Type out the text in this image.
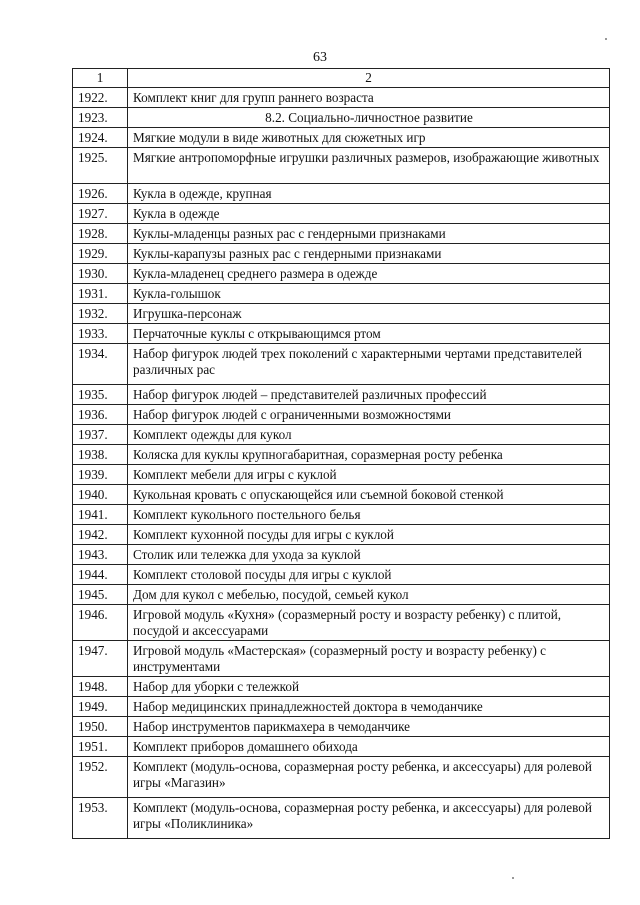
63
1	2
1922.	Комплект книг для групп раннего возраста
1923.	8.2. Социально-личностное развитие
1924.	Мягкие модули в виде животных для сюжетных игр
1925.	Мягкие антропоморфные игрушки различных размеров, изображающие животных
1926.	Кукла в одежде, крупная
1927.	Кукла в одежде
1928.	Куклы-младенцы разных рас с гендерными признаками
1929.	Куклы-карапузы разных рас с гендерными признаками
1930.	Кукла-младенец среднего размера в одежде
1931.	Кукла-голышок
1932.	Игрушка-персонаж
1933.	Перчаточные куклы с открывающимся ртом
1934.	Набор фигурок людей трех поколений с характерными чертами представителей различных рас
1935.	Набор фигурок людей – представителей различных профессий
1936.	Набор фигурок людей с ограниченными возможностями
1937.	Комплект одежды для кукол
1938.	Коляска для куклы крупногабаритная, соразмерная росту ребенка
1939.	Комплект мебели для игры с куклой
1940.	Кукольная кровать с опускающейся или съемной боковой стенкой
1941.	Комплект кукольного постельного белья
1942.	Комплект кухонной посуды для игры с куклой
1943.	Столик или тележка для ухода за куклой
1944.	Комплект столовой посуды для игры с куклой
1945.	Дом для кукол с мебелью, посудой, семьей кукол
1946.	Игровой модуль «Кухня» (соразмерный росту и возрасту ребенку) с плитой, посудой и аксессуарами
1947.	Игровой модуль «Мастерская» (соразмерный росту и возрасту ребенку) с инструментами
1948.	Набор для уборки с тележкой
1949.	Набор медицинских принадлежностей доктора в чемоданчике
1950.	Набор инструментов парикмахера в чемоданчике
1951.	Комплект приборов домашнего обихода
1952.	Комплект (модуль-основа, соразмерная росту ребенка, и аксессуары) для ролевой игры «Магазин»
1953.	Комплект (модуль-основа, соразмерная росту ребенка, и аксессуары) для ролевой игры «Поликлиника»
